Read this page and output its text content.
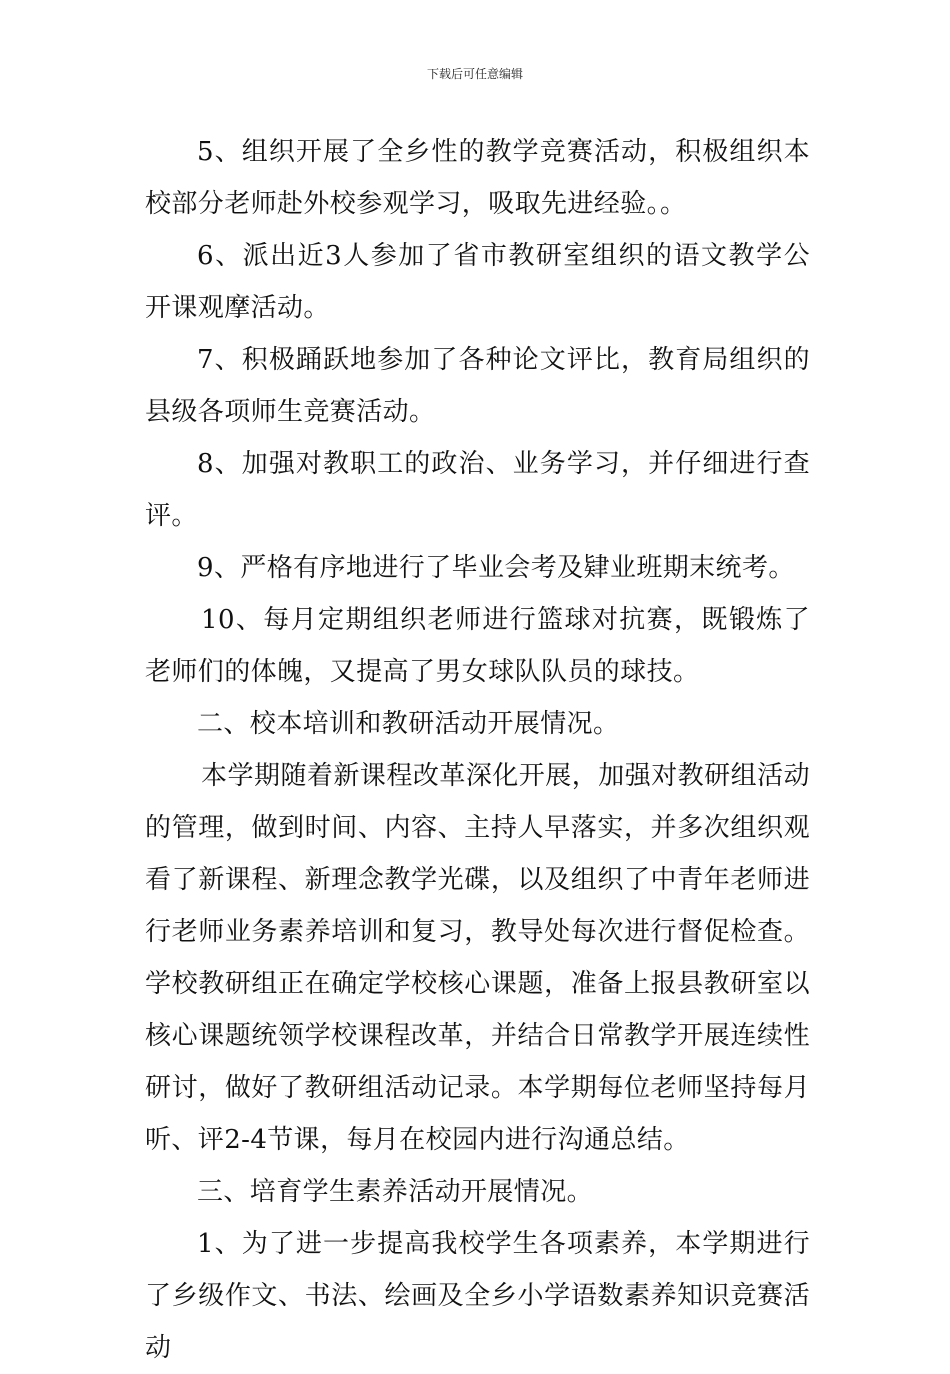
下载后可任意编辑

5、组织开展了全乡性的教学竞赛活动，积极组织本校部分老师赴外校参观学习，吸取先进经验。。

6、派出近3人参加了省市教研室组织的语文教学公开课观摩活动。

7、积极踊跃地参加了各种论文评比，教育局组织的县级各项师生竞赛活动。

8、加强对教职工的政治、业务学习，并仔细进行查评。

9、严格有序地进行了毕业会考及肄业班期末统考。

10、每月定期组织老师进行篮球对抗赛，既锻炼了老师们的体魄，又提高了男女球队队员的球技。

二、校本培训和教研活动开展情况。

本学期随着新课程改革深化开展，加强对教研组活动的管理，做到时间、内容、主持人早落实，并多次组织观看了新课程、新理念教学光碟，以及组织了中青年老师进行老师业务素养培训和复习，教导处每次进行督促检查。学校教研组正在确定学校核心课题，准备上报县教研室以核心课题统领学校课程改革，并结合日常教学开展连续性研讨，做好了教研组活动记录。本学期每位老师坚持每月听、评2-4节课，每月在校园内进行沟通总结。

三、培育学生素养活动开展情况。

1、为了进一步提高我校学生各项素养，本学期进行了乡级作文、书法、绘画及全乡小学语数素养知识竞赛活动
